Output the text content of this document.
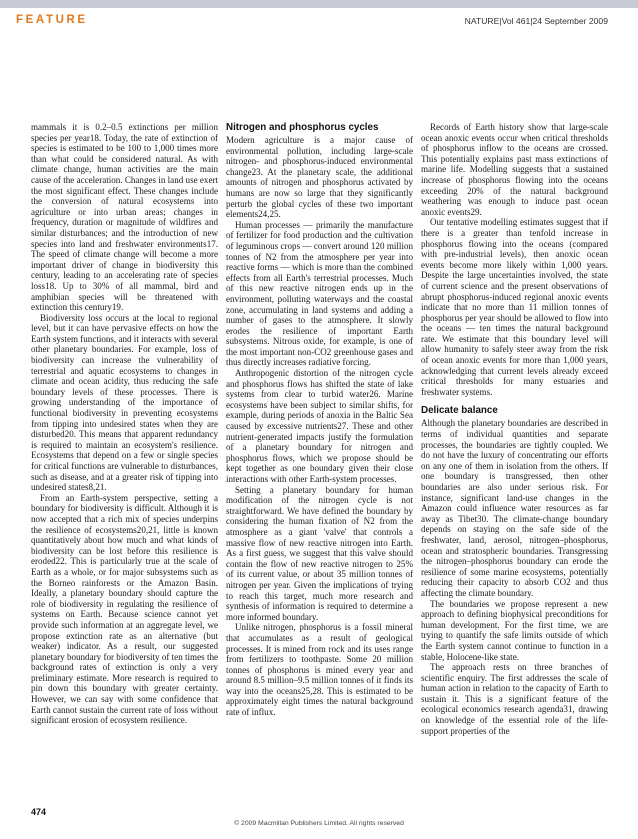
FEATURE	NATURE|Vol 461|24 September 2009

mammals it is 0.2–0.5 extinctions per million species per year18. Today, the rate of extinction of species is estimated to be 100 to 1,000 times more than what could be considered natural. As with climate change, human activities are the main cause of the acceleration. Changes in land use exert the most significant effect. These changes include the conversion of natural ecosystems into agriculture or into urban areas; changes in frequency, duration or magnitude of wildfires and similar disturbances; and the introduction of new species into land and freshwater environments17. The speed of climate change will become a more important driver of change in biodiversity this century, leading to an accelerating rate of species loss18. Up to 30% of all mammal, bird and amphibian species will be threatened with extinction this century19.

Biodiversity loss occurs at the local to regional level, but it can have pervasive effects on how the Earth system functions, and it interacts with several other planetary boundaries. For example, loss of biodiversity can increase the vulnerability of terrestrial and aquatic ecosystems to changes in climate and ocean acidity, thus reducing the safe boundary levels of these processes. There is growing understanding of the importance of functional biodiversity in preventing ecosystems from tipping into undesired states when they are disturbed20. This means that apparent redundancy is required to maintain an ecosystem's resilience. Ecosystems that depend on a few or single species for critical functions are vulnerable to disturbances, such as disease, and at a greater risk of tipping into undesired states8,21.

From an Earth-system perspective, setting a boundary for biodiversity is difficult. Although it is now accepted that a rich mix of species underpins the resilience of ecosystems20,21, little is known quantitatively about how much and what kinds of biodiversity can be lost before this resilience is eroded22. This is particularly true at the scale of Earth as a whole, or for major subsystems such as the Borneo rainforests or the Amazon Basin. Ideally, a planetary boundary should capture the role of biodiversity in regulating the resilience of systems on Earth. Because science cannot yet provide such information at an aggregate level, we propose extinction rate as an alternative (but weaker) indicator. As a result, our suggested planetary boundary for biodiversity of ten times the background rates of extinction is only a very preliminary estimate. More research is required to pin down this boundary with greater certainty. However, we can say with some confidence that Earth cannot sustain the current rate of loss without significant erosion of ecosystem resilience.

Nitrogen and phosphorus cycles

Modern agriculture is a major cause of environmental pollution, including large-scale nitrogen- and phosphorus-induced environmental change23. At the planetary scale, the additional amounts of nitrogen and phosphorus activated by humans are now so large that they significantly perturb the global cycles of these two important elements24,25.

Human processes — primarily the manufacture of fertilizer for food production and the cultivation of leguminous crops — convert around 120 million tonnes of N2 from the atmosphere per year into reactive forms — which is more than the combined effects from all Earth's terrestrial processes. Much of this new reactive nitrogen ends up in the environment, polluting waterways and the coastal zone, accumulating in land systems and adding a number of gases to the atmosphere. It slowly erodes the resilience of important Earth subsystems. Nitrous oxide, for example, is one of the most important non-CO2 greenhouse gases and thus directly increases radiative forcing.

Anthropogenic distortion of the nitrogen cycle and phosphorus flows has shifted the state of lake systems from clear to turbid water26. Marine ecosystems have been subject to similar shifts, for example, during periods of anoxia in the Baltic Sea caused by excessive nutrients27. These and other nutrient-generated impacts justify the formulation of a planetary boundary for nitrogen and phosphorus flows, which we propose should be kept together as one boundary given their close interactions with other Earth-system processes.

Setting a planetary boundary for human modification of the nitrogen cycle is not straightforward. We have defined the boundary by considering the human fixation of N2 from the atmosphere as a giant 'valve' that controls a massive flow of new reactive nitrogen into Earth. As a first guess, we suggest that this valve should contain the flow of new reactive nitrogen to 25% of its current value, or about 35 million tonnes of nitrogen per year. Given the implications of trying to reach this target, much more research and synthesis of information is required to determine a more informed boundary.

Unlike nitrogen, phosphorus is a fossil mineral that accumulates as a result of geological processes. It is mined from rock and its uses range from fertilizers to toothpaste. Some 20 million tonnes of phosphorus is mined every year and around 8.5 million–9.5 million tonnes of it finds its way into the oceans25,28. This is estimated to be approximately eight times the natural background rate of influx.

Records of Earth history show that large-scale ocean anoxic events occur when critical thresholds of phosphorus inflow to the oceans are crossed. This potentially explains past mass extinctions of marine life. Modelling suggests that a sustained increase of phosphorus flowing into the oceans exceeding 20% of the natural background weathering was enough to induce past ocean anoxic events29.

Our tentative modelling estimates suggest that if there is a greater than tenfold increase in phosphorus flowing into the oceans (compared with pre-industrial levels), then anoxic ocean events become more likely within 1,000 years. Despite the large uncertainties involved, the state of current science and the present observations of abrupt phosphorus-induced regional anoxic events indicate that no more than 11 million tonnes of phosphorus per year should be allowed to flow into the oceans — ten times the natural background rate. We estimate that this boundary level will allow humanity to safely steer away from the risk of ocean anoxic events for more than 1,000 years, acknowledging that current levels already exceed critical thresholds for many estuaries and freshwater systems.

Delicate balance

Although the planetary boundaries are described in terms of individual quantities and separate processes, the boundaries are tightly coupled. We do not have the luxury of concentrating our efforts on any one of them in isolation from the others. If one boundary is transgressed, then other boundaries are also under serious risk. For instance, significant land-use changes in the Amazon could influence water resources as far away as Tibet30. The climate-change boundary depends on staying on the safe side of the freshwater, land, aerosol, nitrogen–phosphorus, ocean and stratospheric boundaries. Transgressing the nitrogen–phosphorus boundary can erode the resilience of some marine ecosystems, potentially reducing their capacity to absorb CO2 and thus affecting the climate boundary.

The boundaries we propose represent a new approach to defining biophysical preconditions for human development. For the first time, we are trying to quantify the safe limits outside of which the Earth system cannot continue to function in a stable, Holocene-like state.

The approach rests on three branches of scientific enquiry. The first addresses the scale of human action in relation to the capacity of Earth to sustain it. This is a significant feature of the ecological economics research agenda31, drawing on knowledge of the essential role of the life-support properties of the

474
© 2009 Macmillan Publishers Limited. All rights reserved
